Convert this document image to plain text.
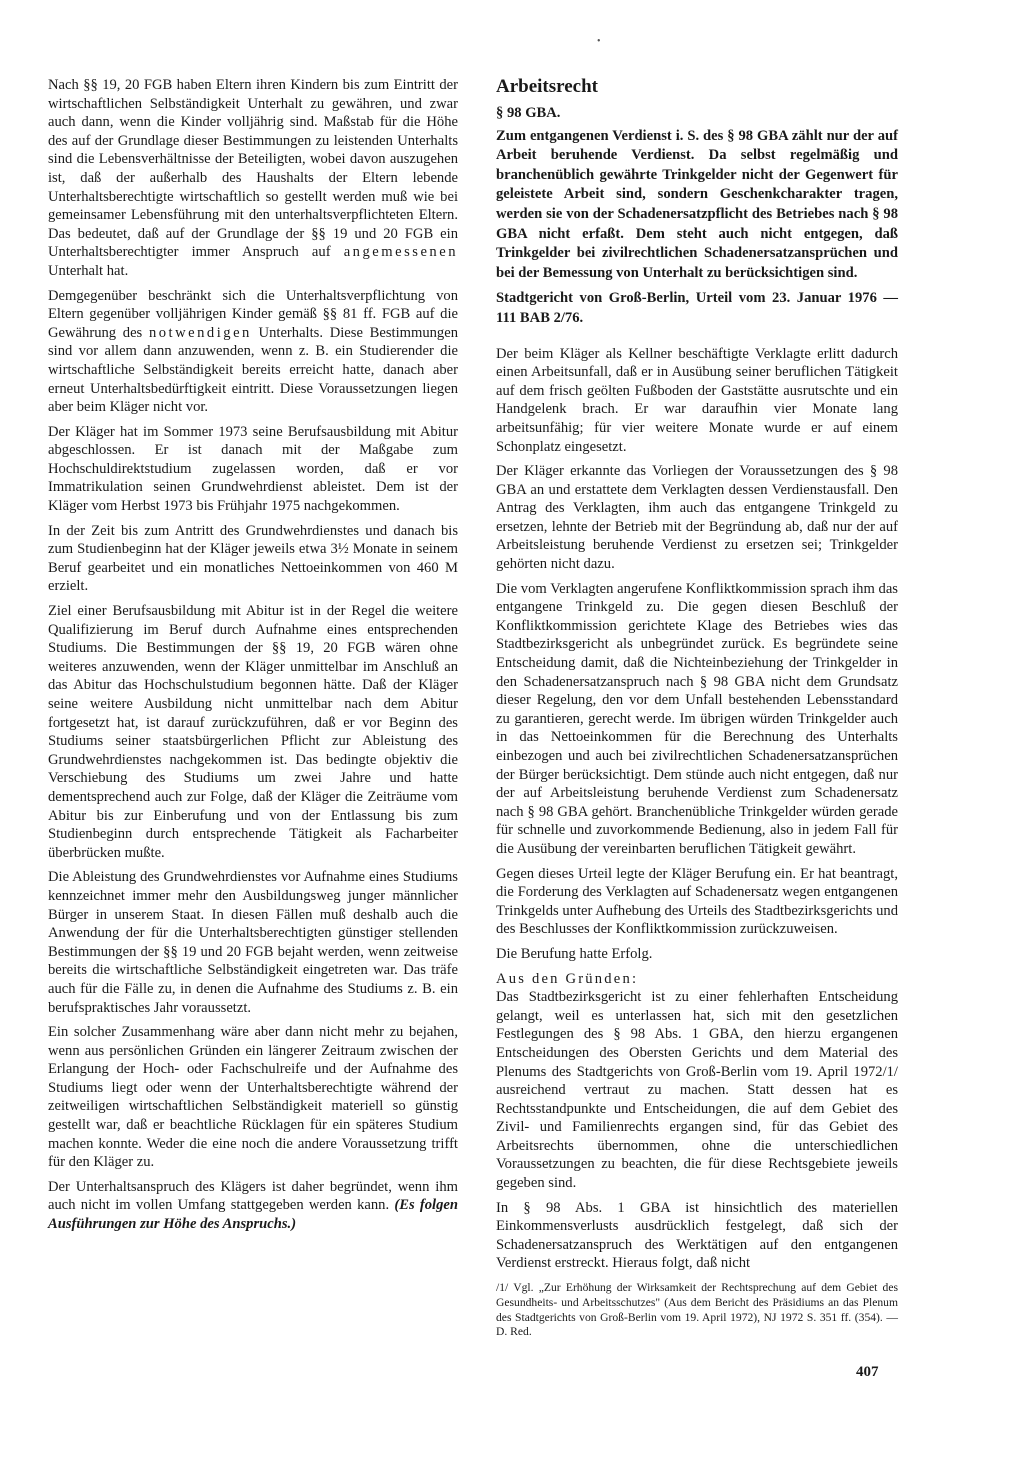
•

Nach §§ 19, 20 FGB haben Eltern ihren Kindern bis zum Eintritt der wirtschaftlichen Selbständigkeit Unterhalt zu gewähren, und zwar auch dann, wenn die Kinder volljährig sind. Maßstab für die Höhe des auf der Grundlage dieser Bestimmungen zu leistenden Unterhalts sind die Lebensverhältnisse der Beteiligten, wobei davon auszugehen ist, daß der außerhalb des Haushalts der Eltern lebende Unterhaltsberechtigte wirtschaftlich so gestellt werden muß wie bei gemeinsamer Lebensführung mit den unterhaltsverpflichteten Eltern. Das bedeutet, daß auf der Grundlage der §§ 19 und 20 FGB ein Unterhaltsberechtigter immer Anspruch auf angemessenen Unterhalt hat.

Demgegenüber beschränkt sich die Unterhaltsverpflichtung von Eltern gegenüber volljährigen Kinder gemäß §§ 81 ff. FGB auf die Gewährung des notwendigen Unterhalts. Diese Bestimmungen sind vor allem dann anzuwenden, wenn z. B. ein Studierender die wirtschaftliche Selbständigkeit bereits erreicht hatte, danach aber erneut Unterhaltsbedürftigkeit eintritt. Diese Voraussetzungen liegen aber beim Kläger nicht vor.

Der Kläger hat im Sommer 1973 seine Berufsausbildung mit Abitur abgeschlossen. Er ist danach mit der Maßgabe zum Hochschuldirektstudium zugelassen worden, daß er vor Immatrikulation seinen Grundwehrdienst ableistet. Dem ist der Kläger vom Herbst 1973 bis Frühjahr 1975 nachgekommen.

In der Zeit bis zum Antritt des Grundwehrdienstes und danach bis zum Studienbeginn hat der Kläger jeweils etwa 3½ Monate in seinem Beruf gearbeitet und ein monatliches Nettoeinkommen von 460 M erzielt.

Ziel einer Berufsausbildung mit Abitur ist in der Regel die weitere Qualifizierung im Beruf durch Aufnahme eines entsprechenden Studiums. Die Bestimmungen der §§ 19, 20 FGB wären ohne weiteres anzuwenden, wenn der Kläger unmittelbar im Anschluß an das Abitur das Hochschulstudium begonnen hätte. Daß der Kläger seine weitere Ausbildung nicht unmittelbar nach dem Abitur fortgesetzt hat, ist darauf zurückzuführen, daß er vor Beginn des Studiums seiner staatsbürgerlichen Pflicht zur Ableistung des Grundwehrdienstes nachgekommen ist. Das bedingte objektiv die Verschiebung des Studiums um zwei Jahre und hatte dementsprechend auch zur Folge, daß der Kläger die Zeiträume vom Abitur bis zur Einberufung und von der Entlassung bis zum Studienbeginn durch entsprechende Tätigkeit als Facharbeiter überbrücken mußte.

Die Ableistung des Grundwehrdienstes vor Aufnahme eines Studiums kennzeichnet immer mehr den Ausbildungsweg junger männlicher Bürger in unserem Staat. In diesen Fällen muß deshalb auch die Anwendung der für die Unterhaltsberechtigten günstiger stellenden Bestimmungen der §§ 19 und 20 FGB bejaht werden, wenn zeitweise bereits die wirtschaftliche Selbständigkeit eingetreten war. Das träfe auch für die Fälle zu, in denen die Aufnahme des Studiums z. B. ein berufspraktisches Jahr voraussetzt.

Ein solcher Zusammenhang wäre aber dann nicht mehr zu bejahen, wenn aus persönlichen Gründen ein längerer Zeitraum zwischen der Erlangung der Hoch- oder Fachschulreife und der Aufnahme des Studiums liegt oder wenn der Unterhaltsberechtigte während der zeitweiligen wirtschaftlichen Selbständigkeit materiell so günstig gestellt war, daß er beachtliche Rücklagen für ein späteres Studium machen konnte. Weder die eine noch die andere Voraussetzung trifft für den Kläger zu.

Der Unterhaltsanspruch des Klägers ist daher begründet, wenn ihm auch nicht im vollen Umfang stattgegeben werden kann. (Es folgen Ausführungen zur Höhe des Anspruchs.)

Arbeitsrecht
§ 98 GBA.

Zum entgangenen Verdienst i. S. des § 98 GBA zählt nur der auf Arbeit beruhende Verdienst. Da selbst regelmäßig und branchenüblich gewährte Trinkgelder nicht der Gegenwert für geleistete Arbeit sind, sondern Geschenkcharakter tragen, werden sie von der Schadenersatzpflicht des Betriebes nach § 98 GBA nicht erfaßt. Dem steht auch nicht entgegen, daß Trinkgelder bei zivilrechtlichen Schadenersatzansprüchen und bei der Bemessung von Unterhalt zu berücksichtigen sind.

Stadtgericht von Groß-Berlin, Urteil vom 23. Januar 1976 — 111 BAB 2/76.

Der beim Kläger als Kellner beschäftigte Verklagte erlitt dadurch einen Arbeitsunfall, daß er in Ausübung seiner beruflichen Tätigkeit auf dem frisch geölten Fußboden der Gaststätte ausrutschte und ein Handgelenk brach. Er war daraufhin vier Monate lang arbeitsunfähig; für vier weitere Monate wurde er auf einem Schonplatz eingesetzt.

Der Kläger erkannte das Vorliegen der Voraussetzungen des § 98 GBA an und erstattete dem Verklagten dessen Verdienstausfall. Den Antrag des Verklagten, ihm auch das entgangene Trinkgeld zu ersetzen, lehnte der Betrieb mit der Begründung ab, daß nur der auf Arbeitsleistung beruhende Verdienst zu ersetzen sei; Trinkgelder gehörten nicht dazu.

Die vom Verklagten angerufene Konfliktkommission sprach ihm das entgangene Trinkgeld zu. Die gegen diesen Beschluß der Konfliktkommission gerichtete Klage des Betriebes wies das Stadtbezirksgericht als unbegründet zurück. Es begründete seine Entscheidung damit, daß die Nichteinbeziehung der Trinkgelder in den Schadenersatzanspruch nach § 98 GBA nicht dem Grundsatz dieser Regelung, den vor dem Unfall bestehenden Lebensstandard zu garantieren, gerecht werde. Im übrigen würden Trinkgelder auch in das Nettoeinkommen für die Berechnung des Unterhalts einbezogen und auch bei zivilrechtlichen Schadenersatzansprüchen der Bürger berücksichtigt. Dem stünde auch nicht entgegen, daß nur der auf Arbeitsleistung beruhende Verdienst zum Schadenersatz nach § 98 GBA gehört. Branchenübliche Trinkgelder würden gerade für schnelle und zuvorkommende Bedienung, also in jedem Fall für die Ausübung der vereinbarten beruflichen Tätigkeit gewährt.

Gegen dieses Urteil legte der Kläger Berufung ein. Er hat beantragt, die Forderung des Verklagten auf Schadenersatz wegen entgangenen Trinkgelds unter Aufhebung des Urteils des Stadtbezirksgerichts und des Beschlusses der Konfliktkommission zurückzuweisen.

Die Berufung hatte Erfolg.

Aus den Gründen:

Das Stadtbezirksgericht ist zu einer fehlerhaften Entscheidung gelangt, weil es unterlassen hat, sich mit den gesetzlichen Festlegungen des § 98 Abs. 1 GBA, den hierzu ergangenen Entscheidungen des Obersten Gerichts und dem Material des Plenums des Stadtgerichts von Groß-Berlin vom 19. April 1972/1/ ausreichend vertraut zu machen. Statt dessen hat es Rechtsstandpunkte und Entscheidungen, die auf dem Gebiet des Zivil- und Familienrechts ergangen sind, für das Gebiet des Arbeitsrechts übernommen, ohne die unterschiedlichen Voraussetzungen zu beachten, die für diese Rechtsgebiete jeweils gegeben sind.

In § 98 Abs. 1 GBA ist hinsichtlich des materiellen Einkommensverlusts ausdrücklich festgelegt, daß sich der Schadenersatzanspruch des Werktätigen auf den entgangenen Verdienst erstreckt. Hieraus folgt, daß nicht

/1/ Vgl. „Zur Erhöhung der Wirksamkeit der Rechtsprechung auf dem Gebiet des Gesundheits- und Arbeitsschutzes" (Aus dem Bericht des Präsidiums an das Plenum des Stadtgerichts von Groß-Berlin vom 19. April 1972), NJ 1972 S. 351 ff. (354). — D. Red.

407
